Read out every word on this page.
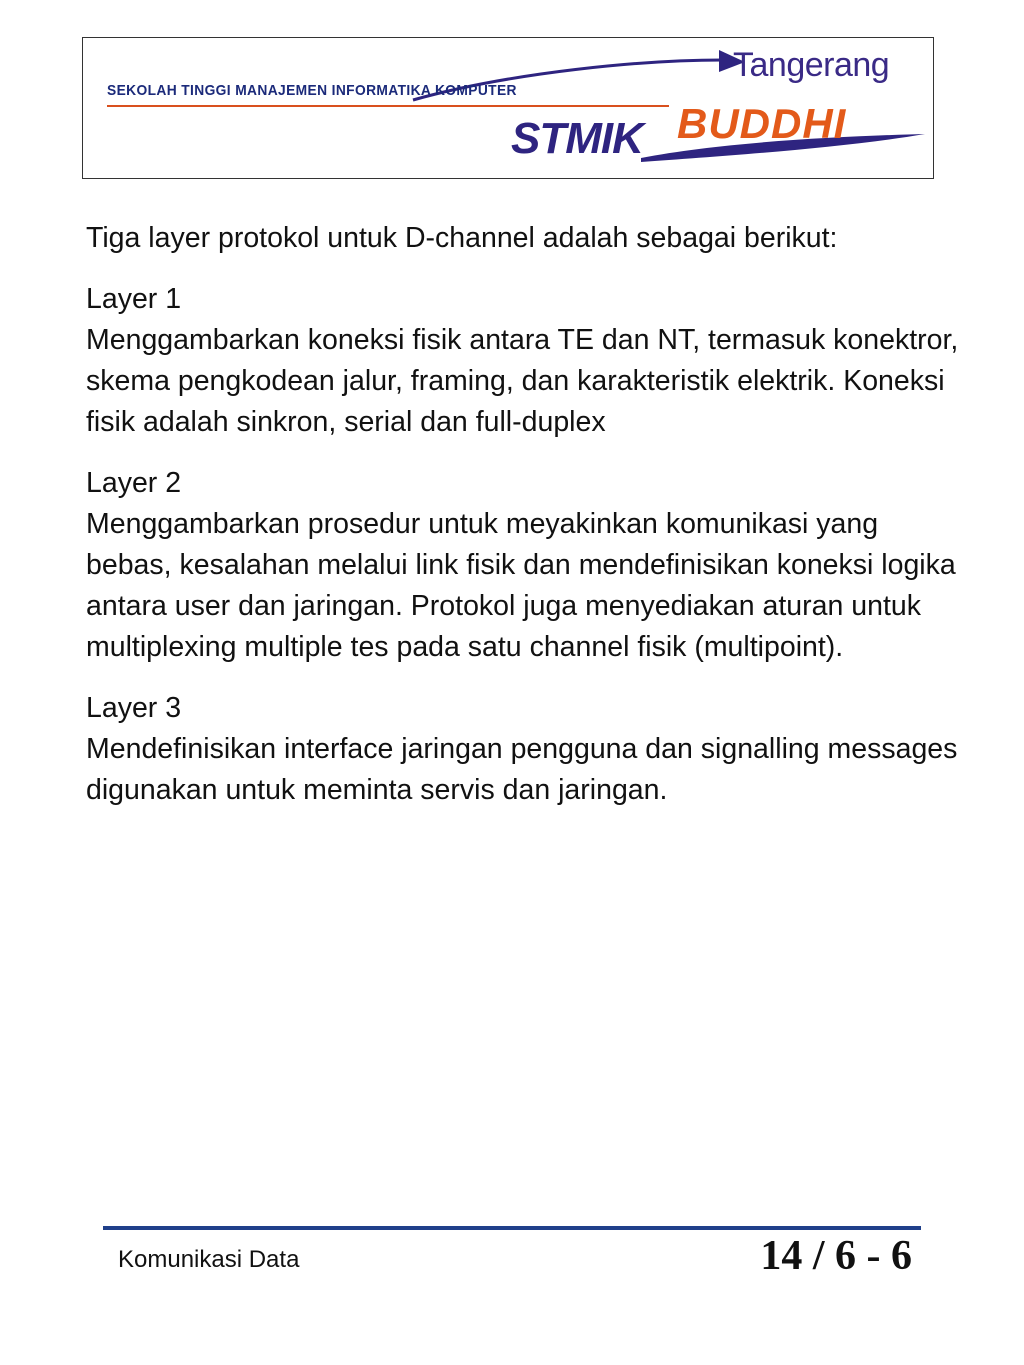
SEKOLAH TINGGI MANAJEMEN INFORMATIKA KOMPUTER
Tangerang
BUDDHI
STMIK

Tiga layer protokol untuk D-channel adalah sebagai berikut:

Layer 1
Menggambarkan koneksi fisik antara TE dan NT, termasuk konektror, skema pengkodean jalur, framing, dan karakteristik elektrik. Koneksi fisik adalah sinkron, serial dan full-duplex
Layer 2
Menggambarkan prosedur untuk meyakinkan komunikasi yang bebas, kesalahan melalui link fisik dan mendefinisikan koneksi logika antara user dan jaringan. Protokol juga menyediakan aturan untuk multiplexing multiple tes pada satu channel fisik (multipoint).
Layer 3
Mendefinisikan interface jaringan pengguna dan signalling messages digunakan untuk meminta servis dan jaringan.
Komunikasi Data	14 / 6 - 6
